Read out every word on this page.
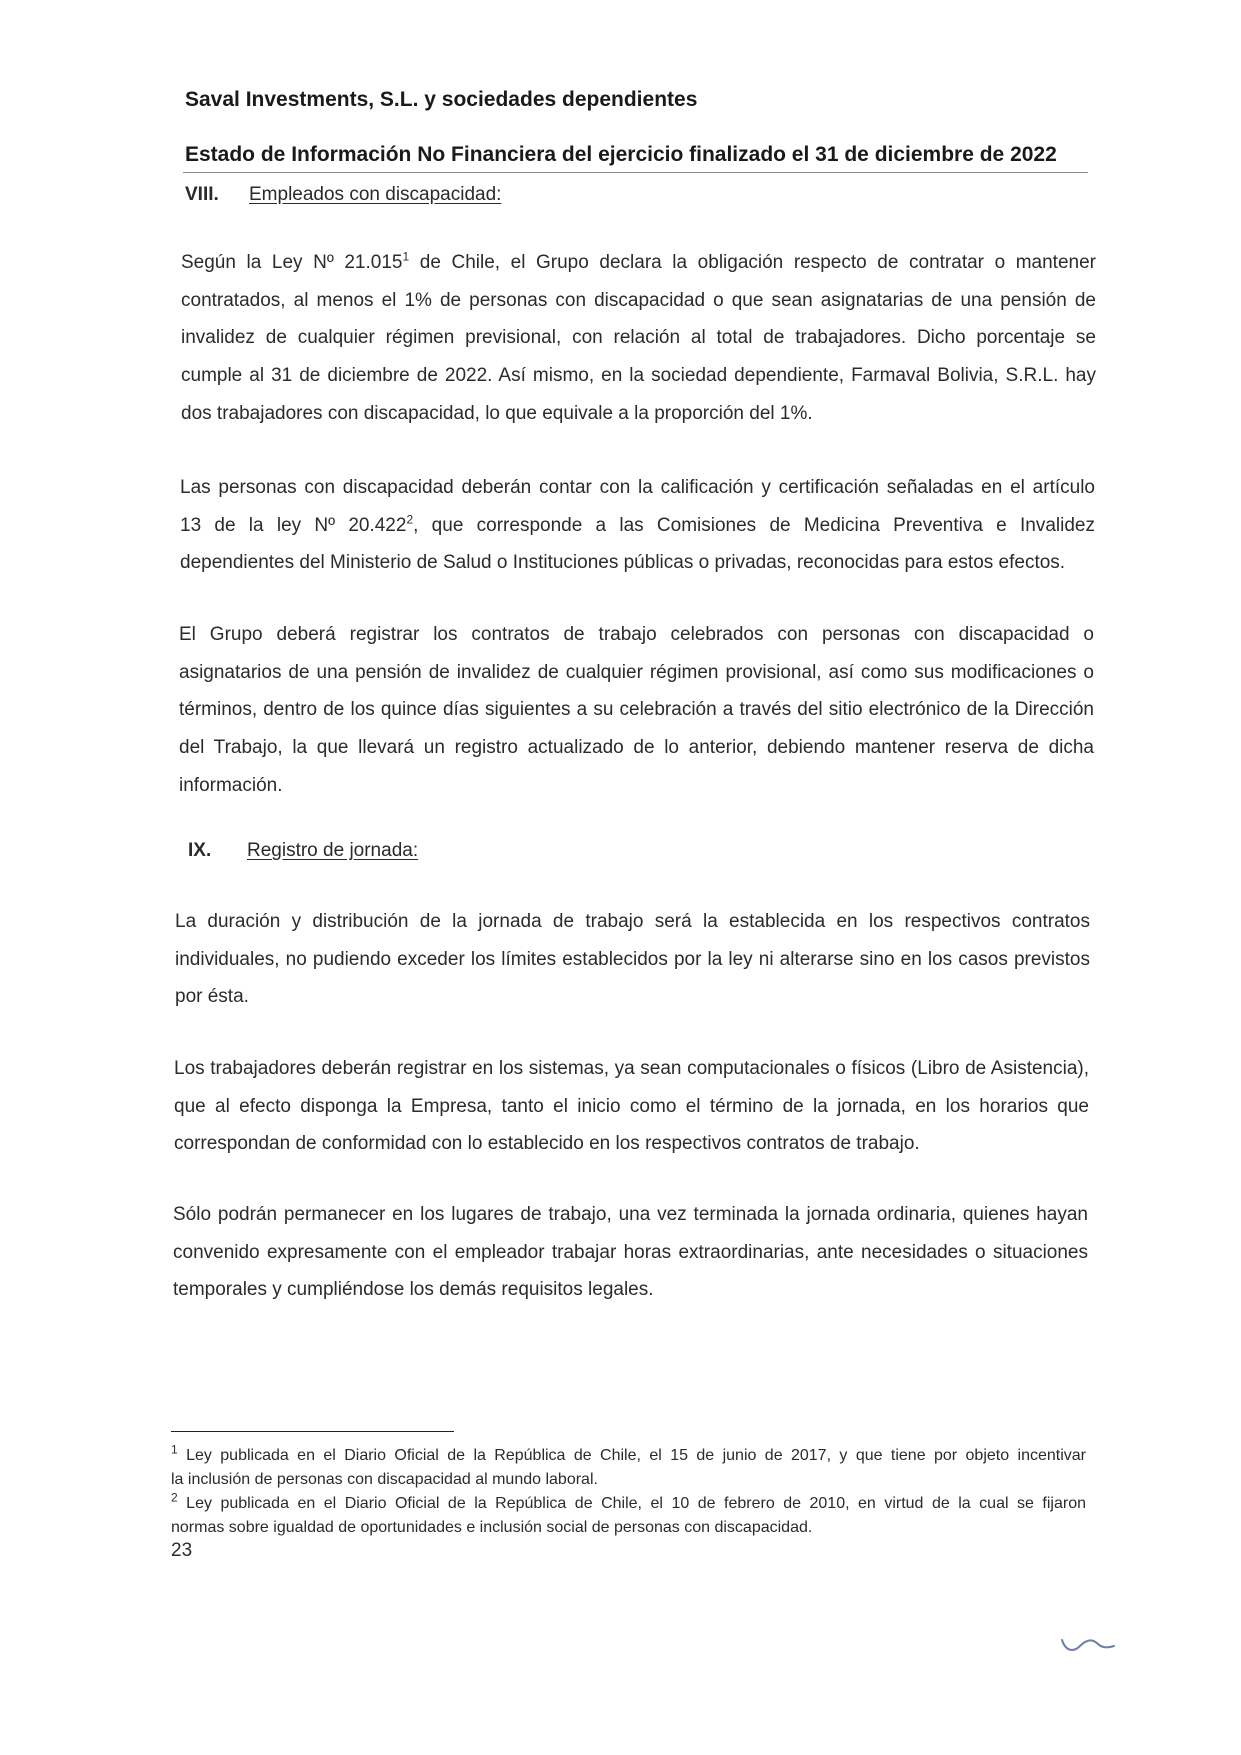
Saval Investments, S.L. y sociedades dependientes
Estado de Información No Financiera del ejercicio finalizado el 31 de diciembre de 2022
VIII. Empleados con discapacidad:
Según la Ley Nº 21.015$^1$ de Chile, el Grupo declara la obligación respecto de contratar o mantener
contratados, al menos el 1% de personas con discapacidad o que sean asignatarias de una pensión de
invalidez de cualquier régimen previsional, con relación al total de trabajadores. Dicho porcentaje se
cumple al 31 de diciembre de 2022. Así mismo, en la sociedad dependiente, Farmaval Bolivia, S.R.L. hay
dos trabajadores con discapacidad, lo que equivale a la proporción del 1%.
Las personas con discapacidad deberán contar con la calificación y certificación señaladas en el artículo
13 de la ley Nº 20.422$^2$, que corresponde a las Comisiones de Medicina Preventiva e Invalidez
dependientes del Ministerio de Salud o Instituciones públicas o privadas, reconocidas para estos efectos.
El Grupo deberá registrar los contratos de trabajo celebrados con personas con discapacidad o
asignatarios de una pensión de invalidez de cualquier régimen provisional, así como sus modificaciones o
términos, dentro de los quince días siguientes a su celebración a través del sitio electrónico de la Dirección
del Trabajo, la que llevará un registro actualizado de lo anterior, debiendo mantener reserva de dicha
información.
IX. Registro de jornada:
La duración y distribución de la jornada de trabajo será la establecida en los respectivos contratos
individuales, no pudiendo exceder los límites establecidos por la ley ni alterarse sino en los casos previstos
por ésta.
Los trabajadores deberán registrar en los sistemas, ya sean computacionales o físicos (Libro de Asistencia),
que al efecto disponga la Empresa, tanto el inicio como el término de la jornada, en los horarios que
correspondan de conformidad con lo establecido en los respectivos contratos de trabajo.
Sólo podrán permanecer en los lugares de trabajo, una vez terminada la jornada ordinaria, quienes hayan
convenido expresamente con el empleador trabajar horas extraordinarias, ante necesidades o situaciones
temporales y cumpliéndose los demás requisitos legales.
$^1$ Ley publicada en el Diario Oficial de la República de Chile, el 15 de junio de 2017, y que tiene por objeto incentivar
la inclusión de personas con discapacidad al mundo laboral.
$^2$ Ley publicada en el Diario Oficial de la República de Chile, el 10 de febrero de 2010, en virtud de la cual se fijaron
normas sobre igualdad de oportunidades e inclusión social de personas con discapacidad.
23
